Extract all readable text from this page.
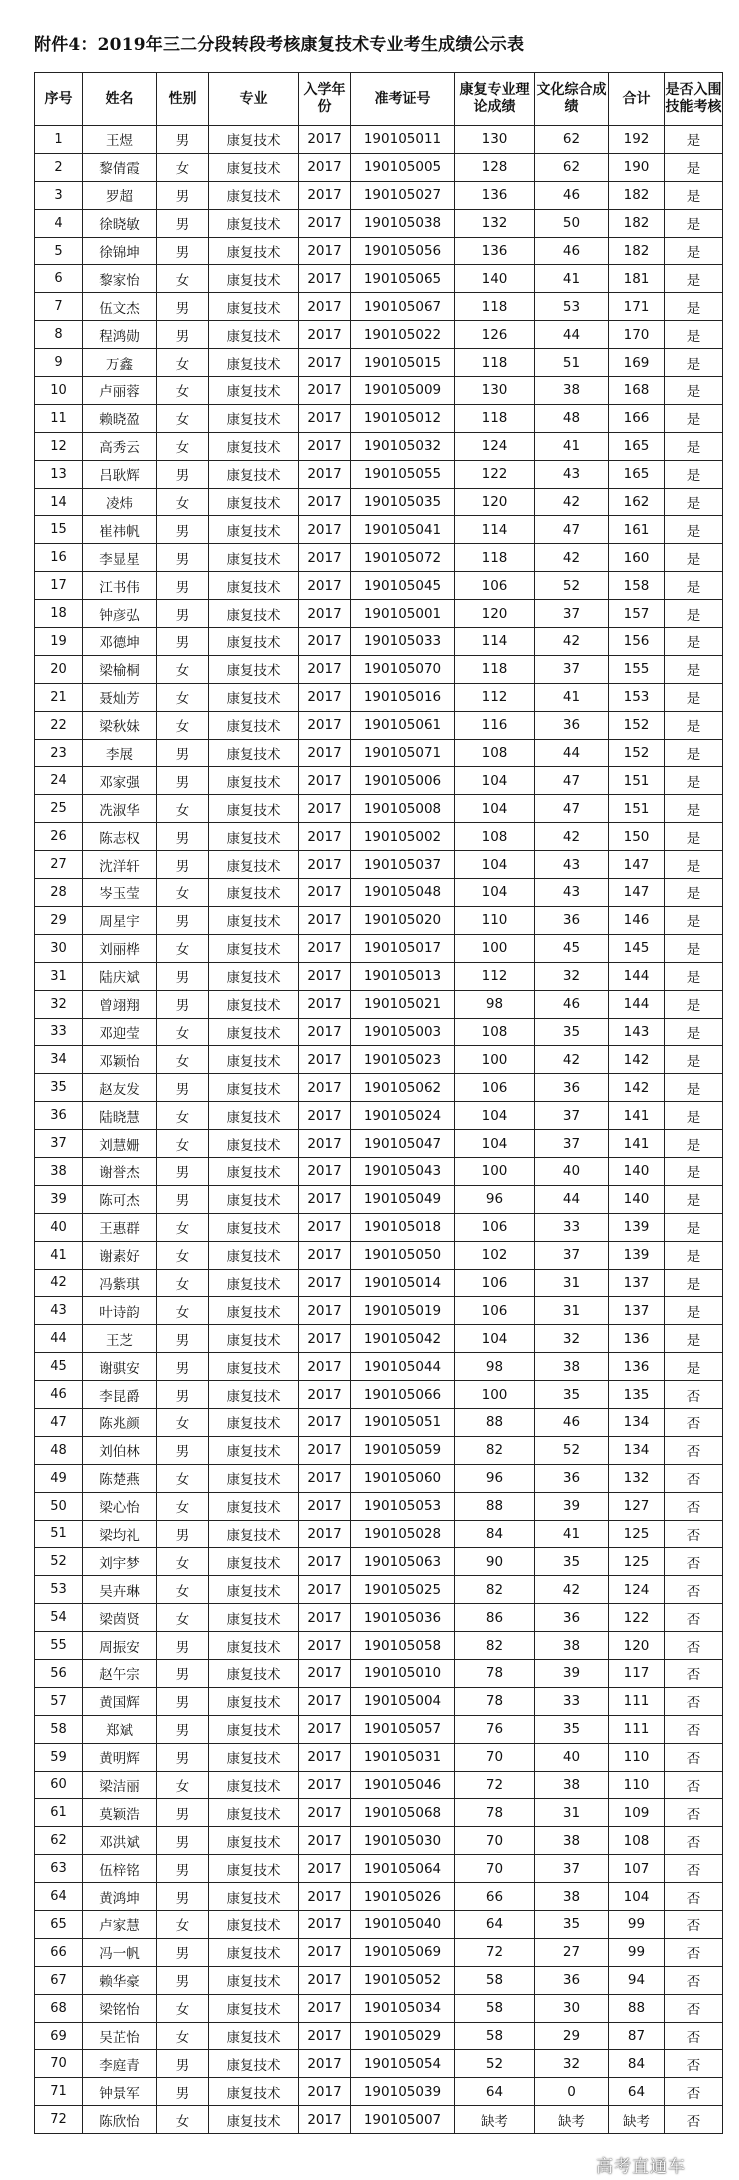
附件4：2019年三二分段转段考核康复技术专业考生成绩公示表
序号	姓名	性别	专业	入学年份	准考证号	康复专业理论成绩	文化综合成绩	合计	是否入围技能考核
1	王煜	男	康复技术	2017	190105011	130	62	192	是
2	黎倩霞	女	康复技术	2017	190105005	128	62	190	是
3	罗超	男	康复技术	2017	190105027	136	46	182	是
4	徐晓敏	男	康复技术	2017	190105038	132	50	182	是
5	徐锦坤	男	康复技术	2017	190105056	136	46	182	是
6	黎家怡	女	康复技术	2017	190105065	140	41	181	是
7	伍文杰	男	康复技术	2017	190105067	118	53	171	是
8	程鸿勋	男	康复技术	2017	190105022	126	44	170	是
9	万鑫	女	康复技术	2017	190105015	118	51	169	是
10	卢丽蓉	女	康复技术	2017	190105009	130	38	168	是
11	赖晓盈	女	康复技术	2017	190105012	118	48	166	是
12	高秀云	女	康复技术	2017	190105032	124	41	165	是
13	吕耿辉	男	康复技术	2017	190105055	122	43	165	是
14	凌炜	女	康复技术	2017	190105035	120	42	162	是
15	崔祎帆	男	康复技术	2017	190105041	114	47	161	是
16	李显星	男	康复技术	2017	190105072	118	42	160	是
17	江书伟	男	康复技术	2017	190105045	106	52	158	是
18	钟彦弘	男	康复技术	2017	190105001	120	37	157	是
19	邓德坤	男	康复技术	2017	190105033	114	42	156	是
20	梁榆桐	女	康复技术	2017	190105070	118	37	155	是
21	聂灿芳	女	康复技术	2017	190105016	112	41	153	是
22	梁秋妹	女	康复技术	2017	190105061	116	36	152	是
23	李展	男	康复技术	2017	190105071	108	44	152	是
24	邓家强	男	康复技术	2017	190105006	104	47	151	是
25	冼淑华	女	康复技术	2017	190105008	104	47	151	是
26	陈志权	男	康复技术	2017	190105002	108	42	150	是
27	沈洋轩	男	康复技术	2017	190105037	104	43	147	是
28	岑玉莹	女	康复技术	2017	190105048	104	43	147	是
29	周星宇	男	康复技术	2017	190105020	110	36	146	是
30	刘丽桦	女	康复技术	2017	190105017	100	45	145	是
31	陆庆斌	男	康复技术	2017	190105013	112	32	144	是
32	曾翊翔	男	康复技术	2017	190105021	98	46	144	是
33	邓迎莹	女	康复技术	2017	190105003	108	35	143	是
34	邓颖怡	女	康复技术	2017	190105023	100	42	142	是
35	赵友发	男	康复技术	2017	190105062	106	36	142	是
36	陆晓慧	女	康复技术	2017	190105024	104	37	141	是
37	刘慧姗	女	康复技术	2017	190105047	104	37	141	是
38	谢誉杰	男	康复技术	2017	190105043	100	40	140	是
39	陈可杰	男	康复技术	2017	190105049	96	44	140	是
40	王惠群	女	康复技术	2017	190105018	106	33	139	是
41	谢素好	女	康复技术	2017	190105050	102	37	139	是
42	冯紫琪	女	康复技术	2017	190105014	106	31	137	是
43	叶诗韵	女	康复技术	2017	190105019	106	31	137	是
44	王芝	男	康复技术	2017	190105042	104	32	136	是
45	谢骐安	男	康复技术	2017	190105044	98	38	136	是
46	李昆爵	男	康复技术	2017	190105066	100	35	135	否
47	陈兆颜	女	康复技术	2017	190105051	88	46	134	否
48	刘伯林	男	康复技术	2017	190105059	82	52	134	否
49	陈楚燕	女	康复技术	2017	190105060	96	36	132	否
50	梁心怡	女	康复技术	2017	190105053	88	39	127	否
51	梁均礼	男	康复技术	2017	190105028	84	41	125	否
52	刘宇梦	女	康复技术	2017	190105063	90	35	125	否
53	吴卉琳	女	康复技术	2017	190105025	82	42	124	否
54	梁茵贤	女	康复技术	2017	190105036	86	36	122	否
55	周振安	男	康复技术	2017	190105058	82	38	120	否
56	赵午宗	男	康复技术	2017	190105010	78	39	117	否
57	黄国辉	男	康复技术	2017	190105004	78	33	111	否
58	郑斌	男	康复技术	2017	190105057	76	35	111	否
59	黄明辉	男	康复技术	2017	190105031	70	40	110	否
60	梁洁丽	女	康复技术	2017	190105046	72	38	110	否
61	莫颖浩	男	康复技术	2017	190105068	78	31	109	否
62	邓洪斌	男	康复技术	2017	190105030	70	38	108	否
63	伍梓铭	男	康复技术	2017	190105064	70	37	107	否
64	黄鸿坤	男	康复技术	2017	190105026	66	38	104	否
65	卢家慧	女	康复技术	2017	190105040	64	35	99	否
66	冯一帆	男	康复技术	2017	190105069	72	27	99	否
67	赖华豪	男	康复技术	2017	190105052	58	36	94	否
68	梁铭怡	女	康复技术	2017	190105034	58	30	88	否
69	吴芷怡	女	康复技术	2017	190105029	58	29	87	否
70	李庭青	男	康复技术	2017	190105054	52	32	84	否
71	钟景军	男	康复技术	2017	190105039	64	0	64	否
72	陈欣怡	女	康复技术	2017	190105007	缺考	缺考	缺考	否
高考直通车
